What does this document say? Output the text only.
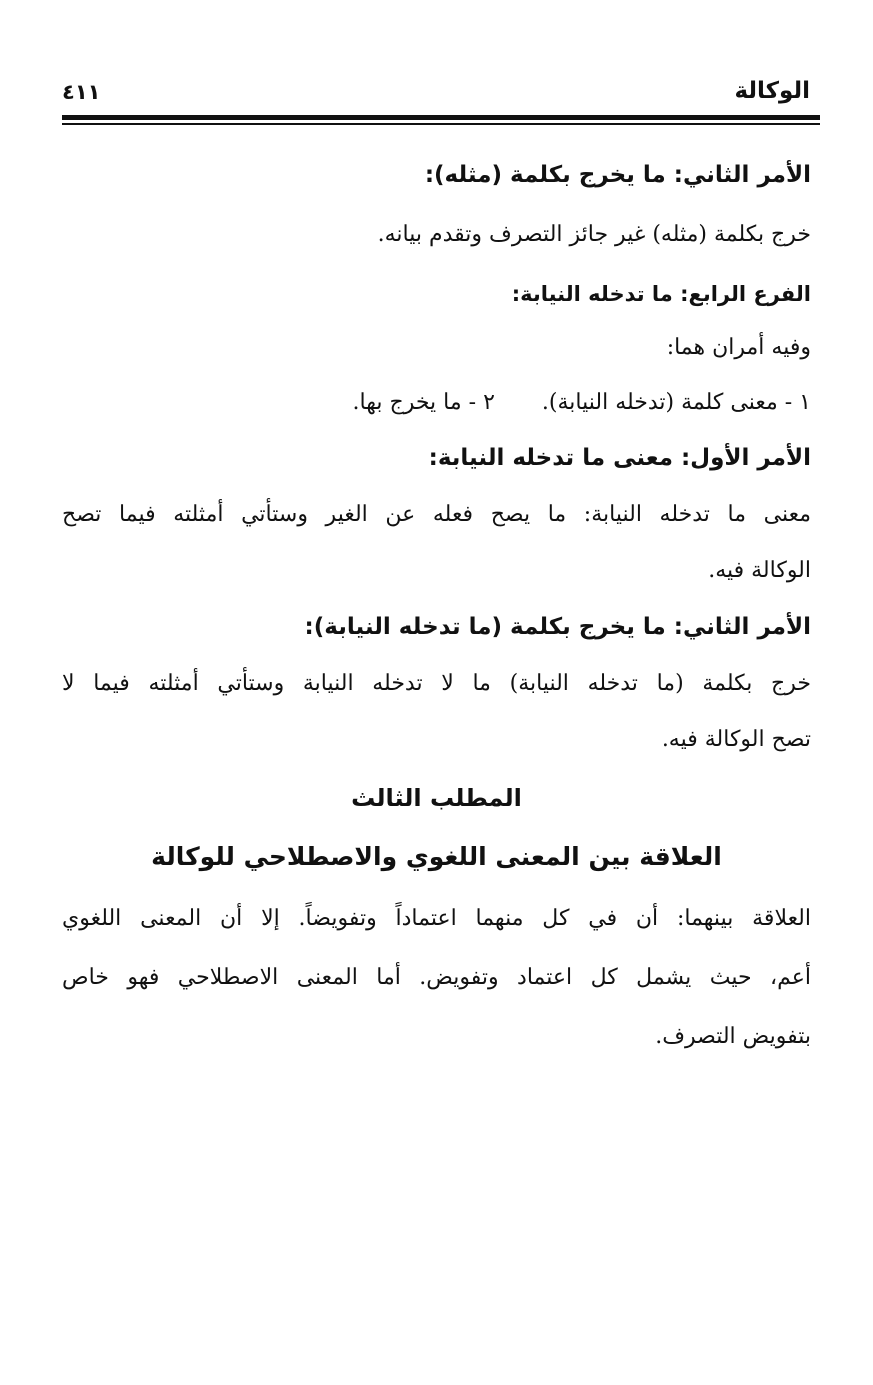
الوكالة
٤١١
الأمر الثاني: ما يخرج بكلمة (مثله):
خرج بكلمة (مثله) غير جائز التصرف وتقدم بيانه.
الفرع الرابع: ما تدخله النيابة:
وفيه أمران هما:
١ - معنى كلمة (تدخله النيابة). ٢ - ما يخرج بها.
الأمر الأول: معنى ما تدخله النيابة:
معنى ما تدخله النيابة: ما يصح فعله عن الغير وستأتي أمثلته فيما تصح
الوكالة فيه.
الأمر الثاني: ما يخرج بكلمة (ما تدخله النيابة):
خرج بكلمة (ما تدخله النيابة) ما لا تدخله النيابة وستأتي أمثلته فيما لا
تصح الوكالة فيه.
المطلب الثالث
العلاقة بين المعنى اللغوي والاصطلاحي للوكالة
العلاقة بينهما: أن في كل منهما اعتماداً وتفويضاً. إلا أن المعنى اللغوي
أعم، حيث يشمل كل اعتماد وتفويض. أما المعنى الاصطلاحي فهو خاص
بتفويض التصرف.
